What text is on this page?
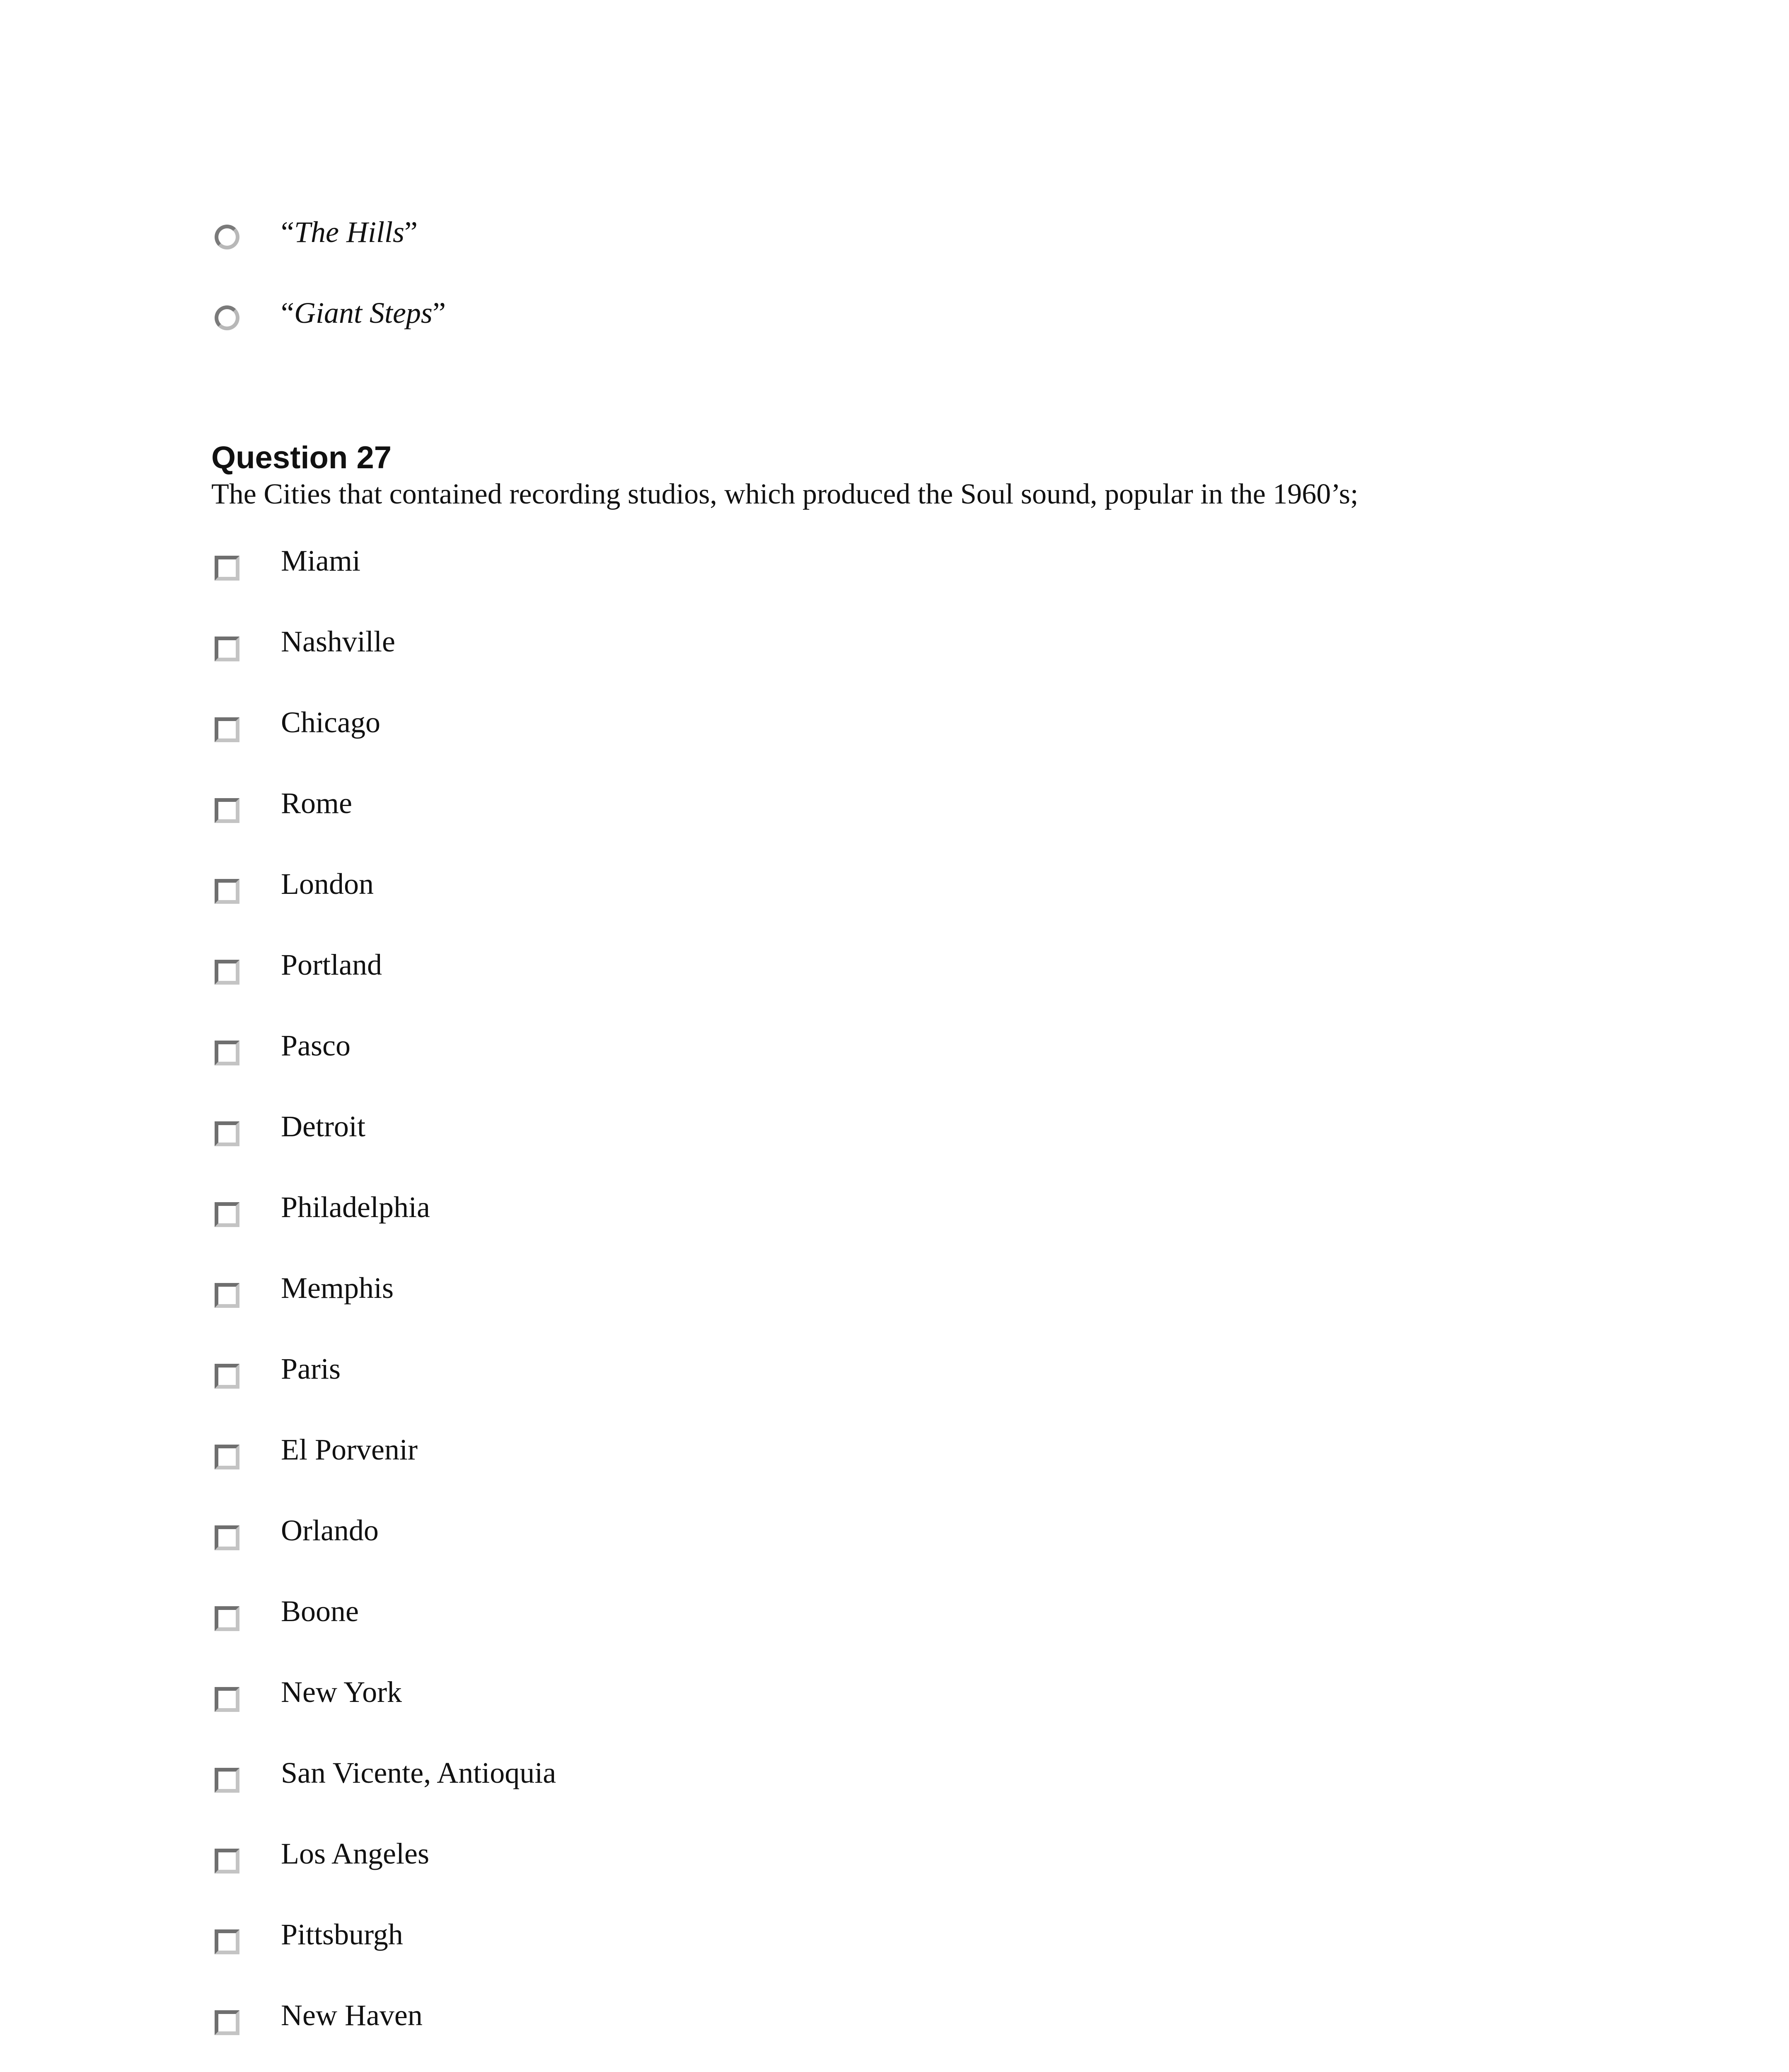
“The Hills”
“Giant Steps”
Question 27

The Cities that contained recording studios, which produced the Soul sound, popular in the 1960’s;

Miami
Nashville
Chicago
Rome
London
Portland
Pasco
Detroit
Philadelphia
Memphis
Paris
El Porvenir
Orlando
Boone
New York
San Vicente, Antioquia
Los Angeles
Pittsburgh
New Haven
